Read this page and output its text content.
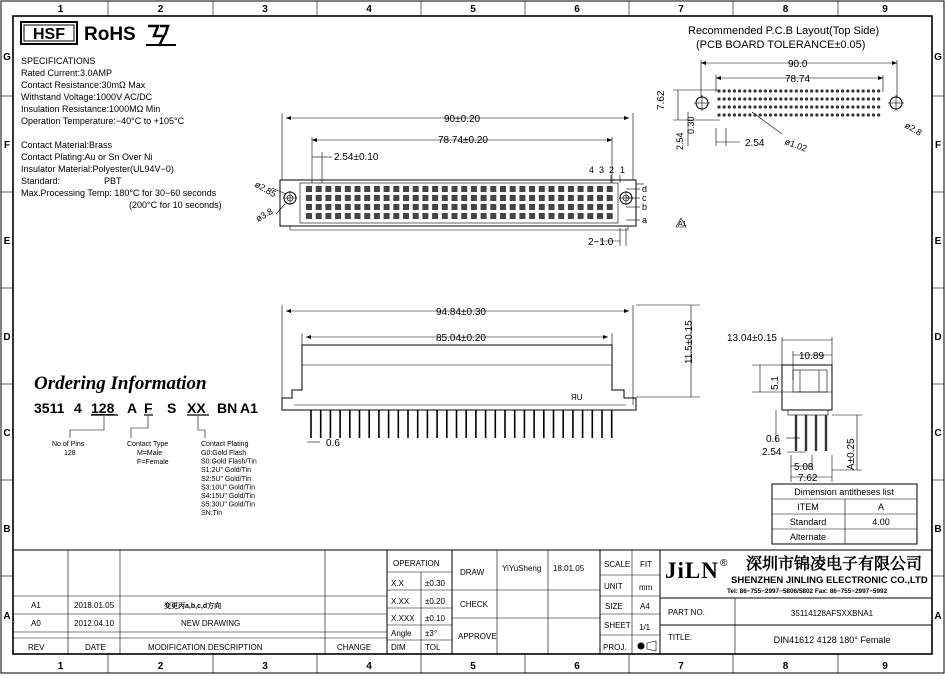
1
1
2
2
3
3
4
4
5
5
6
6
7
7
8
8
9
9
G	G
F	F
E	E
D	D
C	C
B	B
A	A
HSF RoHS
SPECIFICATIONS
Rated Current:3.0AMP
Contact Resistance:30mΩ Max
Withstand Voltage:1000V AC/DC
Insulation Resistance:1000MΩ Min
Operation Temperature:−40°C to +105°C
Contact Material:Brass
Contact Plating:Au or Sn Over Ni
Insulator Material:Polyester(UL94V−0)
Standard:	PBT
Max.Processing Temp: 180°C for 30−60 seconds
(200°C for 10 seconds)
90±0.20
78.74±0.20
2.54±0.10
ø2.85
ø3.8
d
c
b
a
4 3 2 1
2−1.0
A1
Recommended P.C.B Layout(Top Side)
(PCB BOARD TOLERANCE±0.05)
90.0
78.74
7.62
0.30
2.54	2.54 ø1.02
ø2.8
94.84±0.30
85.04±0.20	11.5±0.15
ЯU
0.6
13.04±0.15
10.89
5.1
0.6
2.54
5.08
7.62
A±0.25
Dimension antitheses list
ITEM	A
Standard	4.00
Alternate
Ordering Information
3511 4 128 A F S XX BN A1
No.of Pins
128
Contact Type
M=Male
F=Female
Contact Plating
G0:Gold Flash
S0:Gold Flash/Tin
S1:2U" Gold/Tin
S2:5U" Gold/Tin
S3:10U" Gold/Tin
S4:15U" Gold/Tin
S5:30U" Gold/Tin
SN:Tin
REV	DATE	MODIFICATION DESCRIPTION	CHANGE
A1	2018.01.05	变更丙a,b,c,d方向
A0	2012.04.10	NEW DRAWING
OPERATION
X.X	±0.30
X.XX ±0.20
X.XXX ±0.10
Angle ±3°
DIM TOL
DRAW
CHECK
APPROVE
YiYuSheng 18.01.05 SCALE FIT
UNIT mm
SIZE A4
SHEET 1/1
PROJ.
JiLN ® 深圳市锦凌电子有限公司
SHENZHEN JINLING ELECTRONIC CO.,LTD
Tel: 86−755−2997−5806/5802 Fax: 86−755−2997−5992
PART NO.	35114128AFSXXBNA1
TITLE:	DIN41612 4128 180° Female
